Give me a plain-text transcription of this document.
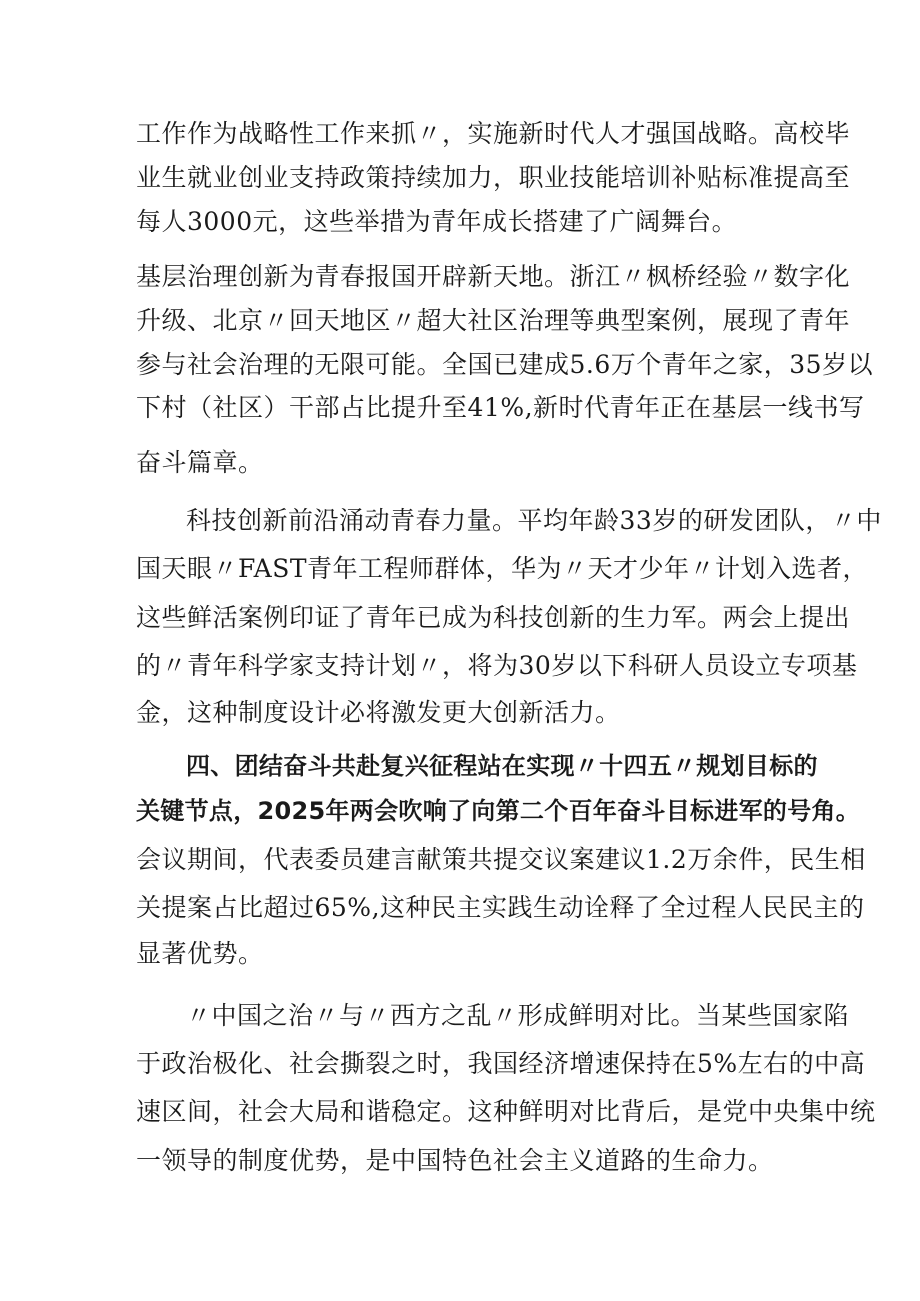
工作作为战略性工作来抓〃，实施新时代人才强国战略。高校毕
业生就业创业支持政策持续加力，职业技能培训补贴标准提高至
每人3000元，这些举措为青年成长搭建了广阔舞台。
基层治理创新为青春报国开辟新天地。浙江〃枫桥经验〃数字化
升级、北京〃回天地区〃超大社区治理等典型案例，展现了青年
参与社会治理的无限可能。全国已建成5.6万个青年之家，35岁以
下村（社区）干部占比提升至41%,新时代青年正在基层一线书写
奋斗篇章。
科技创新前沿涌动青春力量。平均年龄33岁的研发团队，〃中
国天眼〃FAST青年工程师群体，华为〃天才少年〃计划入选者，
这些鲜活案例印证了青年已成为科技创新的生力军。两会上提出
的〃青年科学家支持计划〃，将为30岁以下科研人员设立专项基
金，这种制度设计必将激发更大创新活力。
四、团结奋斗共赴复兴征程站在实现〃十四五〃规划目标的
关键节点，2025年两会吹响了向第二个百年奋斗目标进军的号角。
会议期间，代表委员建言献策共提交议案建议1.2万余件，民生相
关提案占比超过65%,这种民主实践生动诠释了全过程人民民主的
显著优势。
〃中国之治〃与〃西方之乱〃形成鲜明对比。当某些国家陷
于政治极化、社会撕裂之时，我国经济增速保持在5%左右的中高
速区间，社会大局和谐稳定。这种鲜明对比背后，是党中央集中统
一领导的制度优势，是中国特色社会主义道路的生命力。
